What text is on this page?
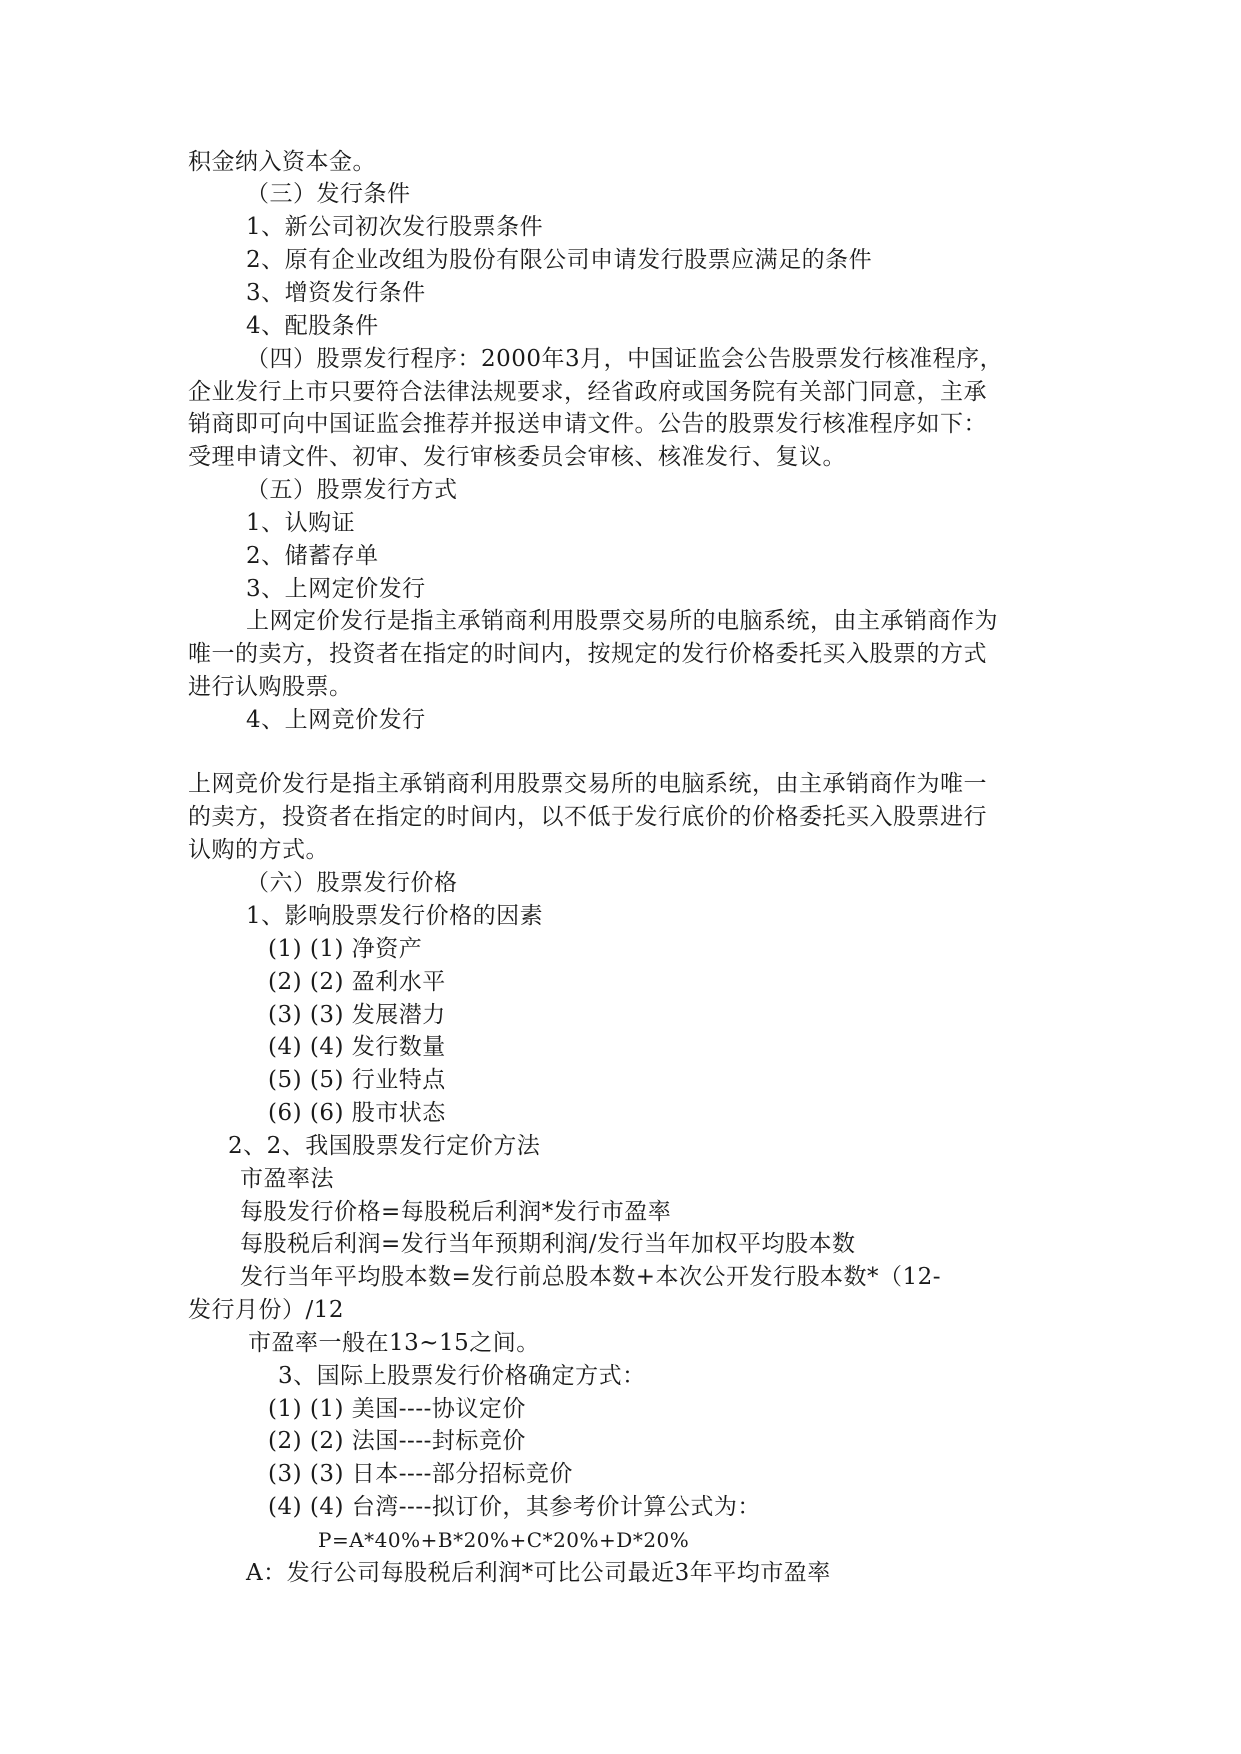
积金纳入资本金。
（三）发行条件
1、新公司初次发行股票条件
2、原有企业改组为股份有限公司申请发行股票应满足的条件
3、增资发行条件
4、配股条件
（四）股票发行程序：2000年3月，中国证监会公告股票发行核准程序，
企业发行上市只要符合法律法规要求，经省政府或国务院有关部门同意，主承
销商即可向中国证监会推荐并报送申请文件。公告的股票发行核准程序如下：
受理申请文件、初审、发行审核委员会审核、核准发行、复议。
（五）股票发行方式
1、认购证
2、储蓄存单
3、上网定价发行
上网定价发行是指主承销商利用股票交易所的电脑系统，由主承销商作为
唯一的卖方，投资者在指定的时间内，按规定的发行价格委托买入股票的方式
进行认购股票。
4、上网竞价发行
上网竞价发行是指主承销商利用股票交易所的电脑系统，由主承销商作为唯一
的卖方，投资者在指定的时间内，以不低于发行底价的价格委托买入股票进行
认购的方式。
（六）股票发行价格
1、影响股票发行价格的因素
(1) (1) 净资产
(2) (2) 盈利水平
(3) (3) 发展潜力
(4) (4) 发行数量
(5) (5) 行业特点
(6) (6) 股市状态
2、2、我国股票发行定价方法
市盈率法
每股发行价格=每股税后利润*发行市盈率
每股税后利润=发行当年预期利润/发行当年加权平均股本数
发行当年平均股本数=发行前总股本数+本次公开发行股本数*（12-
发行月份）/12
市盈率一般在13~15之间。
3、国际上股票发行价格确定方式：
(1) (1) 美国----协议定价
(2) (2) 法国----封标竞价
(3) (3) 日本----部分招标竞价
(4) (4) 台湾----拟订价，其参考价计算公式为：
P=A*40%+B*20%+C*20%+D*20%
A：发行公司每股税后利润*可比公司最近3年平均市盈率
